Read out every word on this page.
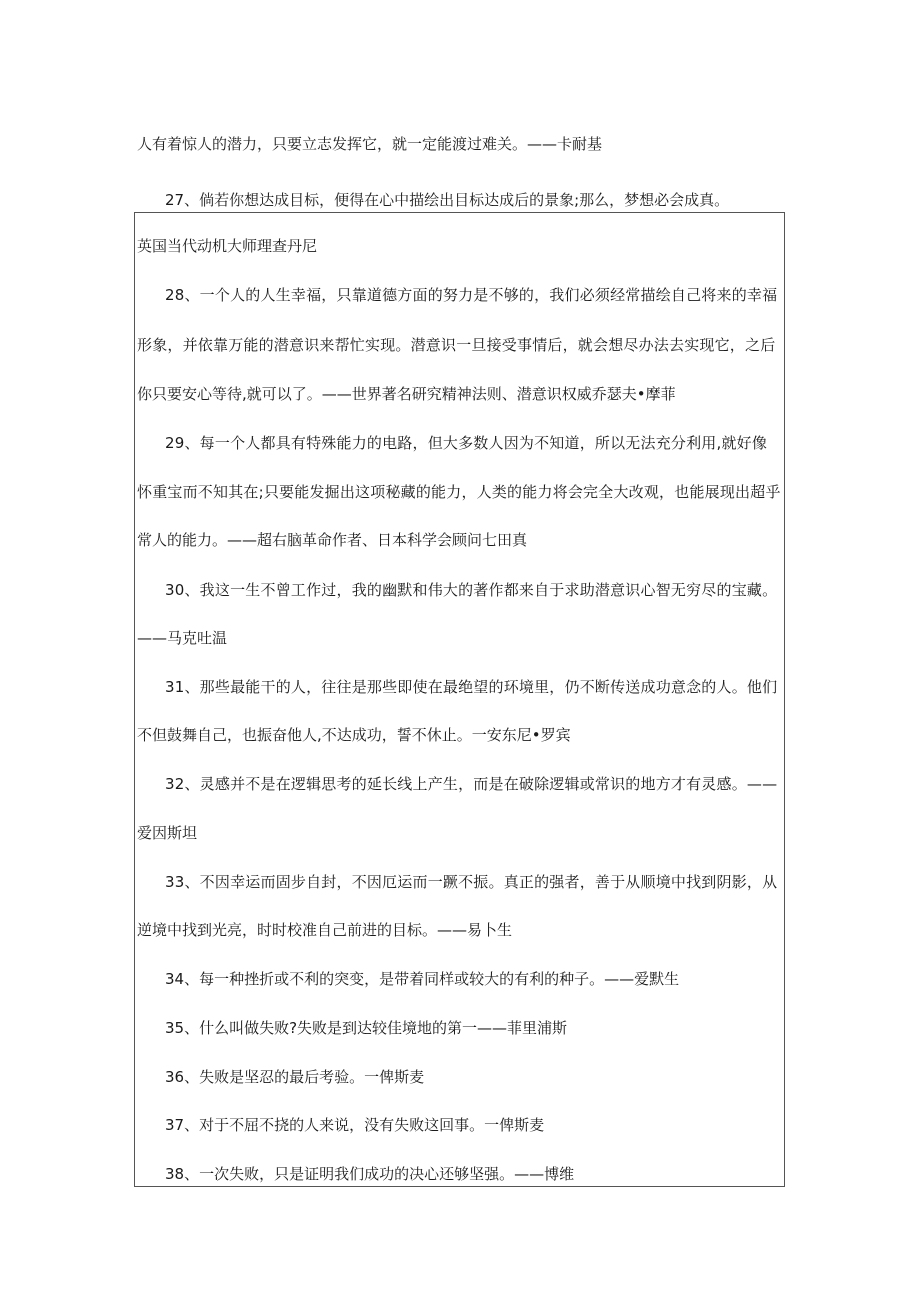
人有着惊人的潜力，只要立志发挥它，就一定能渡过难关。——卡耐基
27、倘若你想达成目标，便得在心中描绘出目标达成后的景象;那么，梦想必会成真。
英国当代动机大师理查丹尼
28、一个人的人生幸福，只靠道德方面的努力是不够的，我们必须经常描绘自己将来的幸福
形象，并依靠万能的潜意识来帮忙实现。潜意识一旦接受事情后，就会想尽办法去实现它，之后
你只要安心等待,就可以了。——世界著名研究精神法则、潜意识权威乔瑟夫•摩菲
29、每一个人都具有特殊能力的电路，但大多数人因为不知道，所以无法充分利用,就好像
怀重宝而不知其在;只要能发掘出这项秘藏的能力，人类的能力将会完全大改观，也能展现出超乎
常人的能力。——超右脑革命作者、日本科学会顾问七田真
30、我这一生不曾工作过，我的幽默和伟大的著作都来自于求助潜意识心智无穷尽的宝藏。
——马克吐温
31、那些最能干的人，往往是那些即使在最绝望的环境里，仍不断传送成功意念的人。他们
不但鼓舞自己，也振奋他人,不达成功，誓不休止。一安东尼•罗宾
32、灵感并不是在逻辑思考的延长线上产生，而是在破除逻辑或常识的地方才有灵感。——
爱因斯坦
33、不因幸运而固步自封，不因厄运而一蹶不振。真正的强者，善于从顺境中找到阴影，从
逆境中找到光亮，时时校准自己前进的目标。——易卜生
34、每一种挫折或不利的突变，是带着同样或较大的有利的种子。——爱默生
35、什么叫做失败?失败是到达较佳境地的第一——菲里浦斯
36、失败是坚忍的最后考验。一俾斯麦
37、对于不屈不挠的人来说，没有失败这回事。一俾斯麦
38、一次失败，只是证明我们成功的决心还够坚强。——博维
